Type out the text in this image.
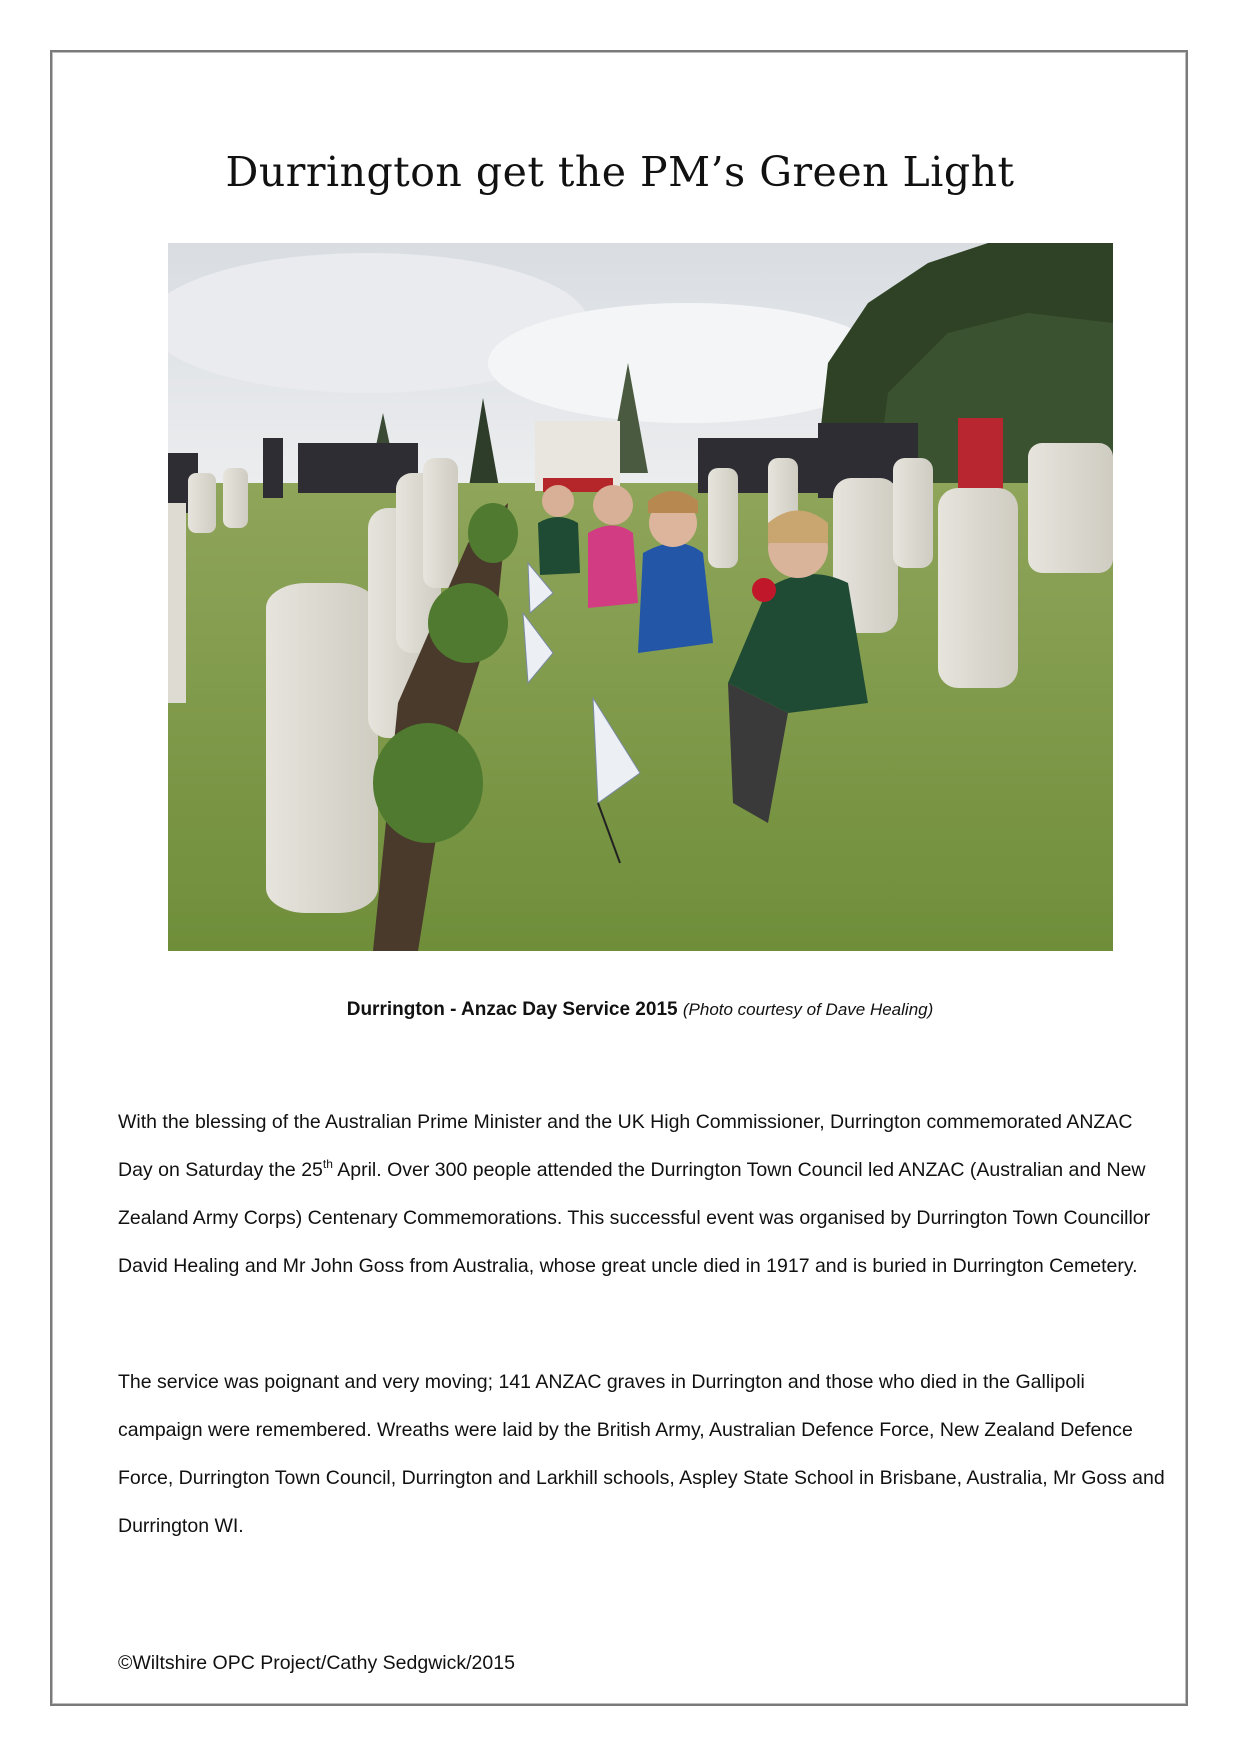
Durrington get the PM’s Green Light
Durrington - Anzac Day Service 2015 (Photo courtesy of Dave Healing)

With the blessing of the Australian Prime Minister and the UK High Commissioner, Durrington commemorated ANZAC Day on Saturday the 25th April. Over 300 people attended the Durrington Town Council led ANZAC (Australian and New Zealand Army Corps) Centenary Commemorations. This successful event was organised by Durrington Town Councillor David Healing and Mr John Goss from Australia, whose great uncle died in 1917 and is buried in Durrington Cemetery.

The service was poignant and very moving; 141 ANZAC graves in Durrington and those who died in the Gallipoli campaign were remembered. Wreaths were laid by the British Army, Australian Defence Force, New Zealand Defence Force, Durrington Town Council, Durrington and Larkhill schools, Aspley State School in Brisbane, Australia, Mr Goss and Durrington WI.

©Wiltshire OPC Project/Cathy Sedgwick/2015
